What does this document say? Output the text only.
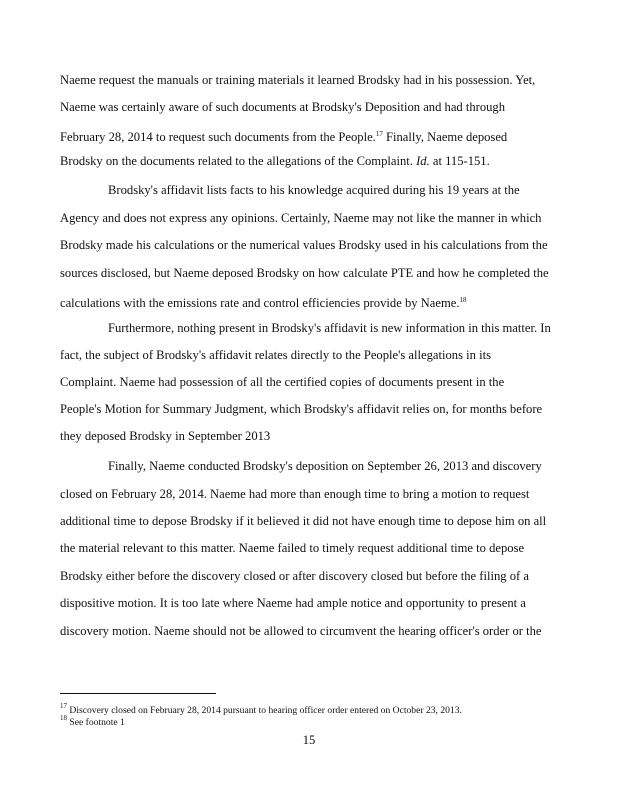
Naeme request the manuals or training materials it learned Brodsky had in his possession. Yet,
Naeme was certainly aware of such documents at Brodsky's Deposition and had through
February 28, 2014 to request such documents from the People.$^{17}$ Finally, Naeme deposed
Brodsky on the documents related to the allegations of the Complaint. Id. at 115-151.
Brodsky's affidavit lists facts to his knowledge acquired during his 19 years at the
Agency and does not express any opinions. Certainly, Naeme may not like the manner in which
Brodsky made his calculations or the numerical values Brodsky used in his calculations from the
sources disclosed, but Naeme deposed Brodsky on how calculate PTE and how he completed the
calculations with the emissions rate and control efficiencies provide by Naeme.$^{18}$
Furthermore, nothing present in Brodsky's affidavit is new information in this matter. In
fact, the subject of Brodsky's affidavit relates directly to the People's allegations in its
Complaint. Naeme had possession of all the certified copies of documents present in the
People's Motion for Summary Judgment, which Brodsky's affidavit relies on, for months before
they deposed Brodsky in September 2013
Finally, Naeme conducted Brodsky's deposition on September 26, 2013 and discovery
closed on February 28, 2014. Naeme had more than enough time to bring a motion to request
additional time to depose Brodsky if it believed it did not have enough time to depose him on all
the material relevant to this matter. Naeme failed to timely request additional time to depose
Brodsky either before the discovery closed or after discovery closed but before the filing of a
dispositive motion. It is too late where Naeme had ample notice and opportunity to present a
discovery motion. Naeme should not be allowed to circumvent the hearing officer's order or the
$^{17}$ Discovery closed on February 28, 2014 pursuant to hearing officer order entered on October 23, 2013.
$^{18}$ See footnote 1
15
